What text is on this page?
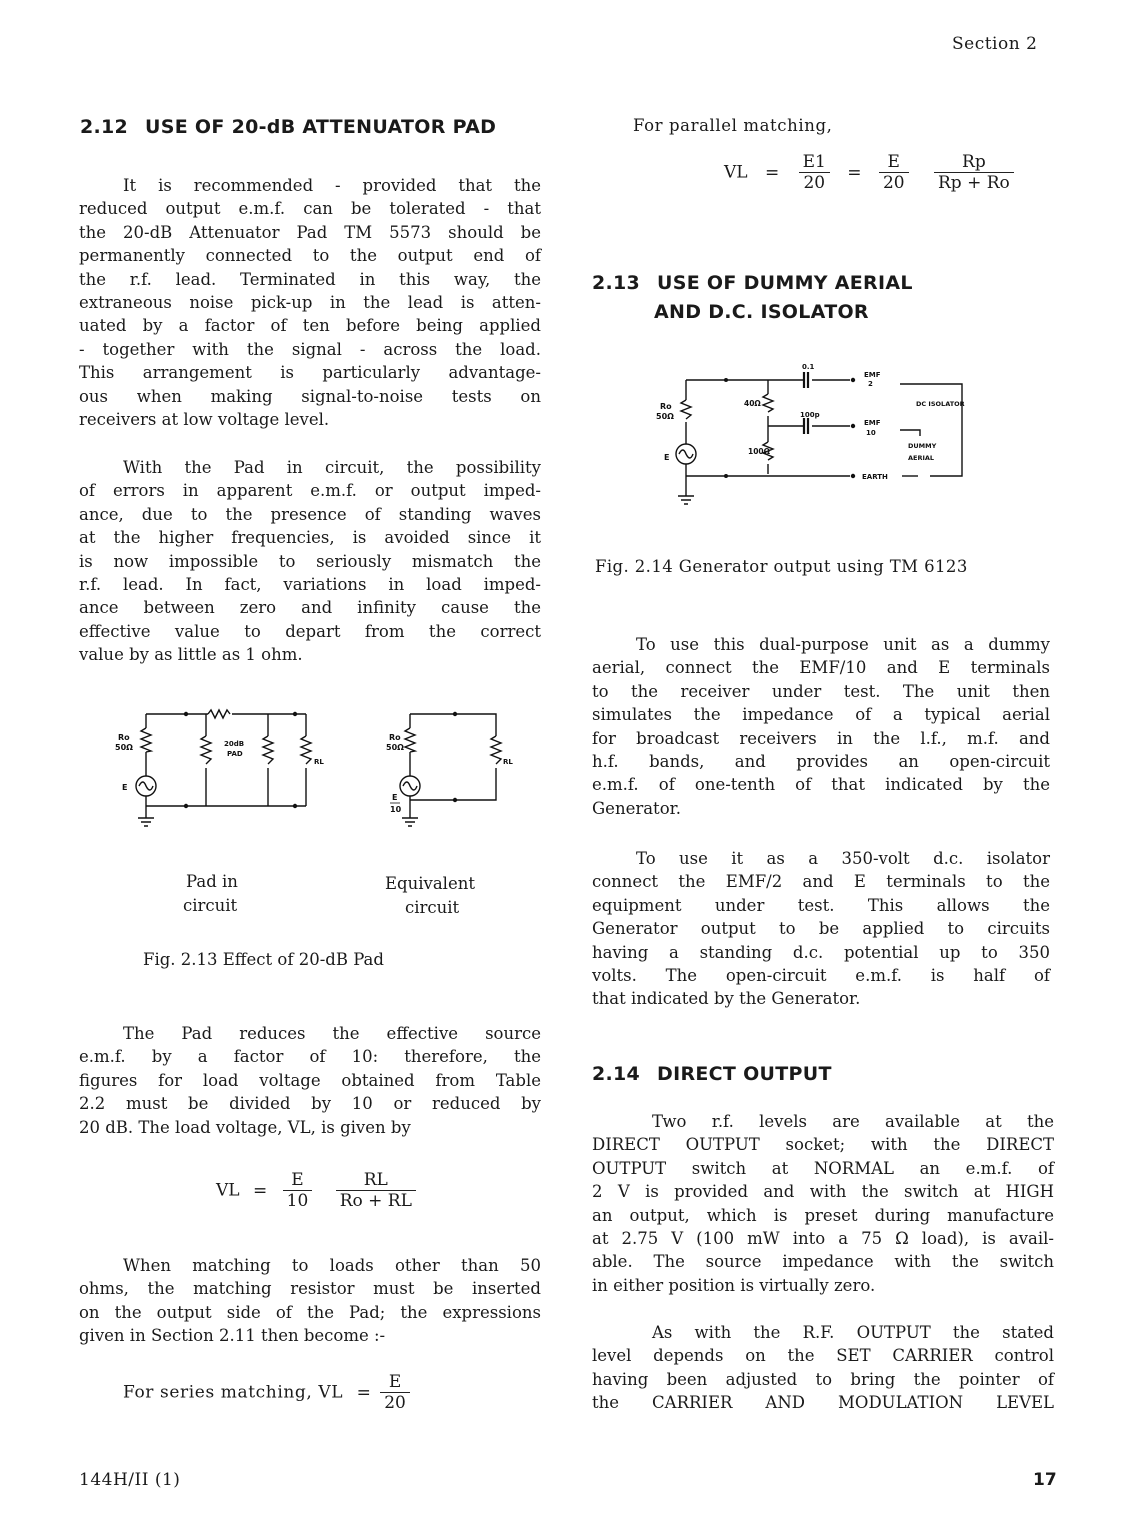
Section 2
2.12 USE OF 20-dB ATTENUATOR PAD
It is recommended - provided that the
reduced output e.m.f. can be tolerated - that
the 20-dB Attenuator Pad TM 5573 should be
permanently connected to the output end of
the r.f. lead. Terminated in this way, the
extraneous noise pick-up in the lead is atten-
uated by a factor of ten before being applied
- together with the signal - across the load.
This arrangement is particularly advantage-
ous when making signal-to-noise tests on
receivers at low voltage level.
With the Pad in circuit, the possibility
of errors in apparent e.m.f. or output imped-
ance, due to the presence of standing waves
at the higher frequencies, is avoided since it
is now impossible to seriously mismatch the
r.f. lead. In fact, variations in load imped-
ance between zero and infinity cause the
effective value to depart from the correct
value by as little as 1 ohm.
Ro
50Ω
E
20dB
PAD
RL
Ro
50Ω
E
10
RL
Pad in
circuit
Equivalent
circuit
Fig. 2.13 Effect of 20-dB Pad
The Pad reduces the effective source
e.m.f. by a factor of 10: therefore, the
figures for load voltage obtained from Table
2.2 must be divided by 10 or reduced by
20 dB. The load voltage, VL, is given by
VL = $\frac{E}{10}$
$\frac{RL}{Ro + RL}$
When matching to loads other than 50
ohms, the matching resistor must be inserted
on the output side of the Pad; the expressions
given in Section 2.11 then become :-
For series matching, VL = $\frac{E}{20}$
For parallel matching,
VL = $\frac{E1}{20} = \frac{E}{20}$
$\frac{Rp}{Rp + Ro}$
2.13 USE OF DUMMY AERIAL
AND D.C. ISOLATOR
0.1
EMF
2
DC ISOLATOR
Ro
50Ω
40Ω
100p
EMF
10
100Ω
DUMMY
AERIAL
E
EARTH
Fig. 2.14 Generator output using TM 6123
To use this dual-purpose unit as a dummy
aerial, connect the EMF/10 and E terminals
to the receiver under test. The unit then
simulates the impedance of a typical aerial
for broadcast receivers in the l.f., m.f. and
h.f. bands, and provides an open-circuit
e.m.f. of one-tenth of that indicated by the
Generator.
To use it as a 350-volt d.c. isolator
connect the EMF/2 and E terminals to the
equipment under test. This allows the
Generator output to be applied to circuits
having a standing d.c. potential up to 350
volts. The open-circuit e.m.f. is half of
that indicated by the Generator.
2.14 DIRECT OUTPUT
Two r.f. levels are available at the
DIRECT OUTPUT socket; with the DIRECT
OUTPUT switch at NORMAL an e.m.f. of
2 V is provided and with the switch at HIGH
an output, which is preset during manufacture
at 2.75 V (100 mW into a 75 Ω load), is avail-
able. The source impedance with the switch
in either position is virtually zero.
As with the R.F. OUTPUT the stated
level depends on the SET CARRIER control
having been adjusted to bring the pointer of
the CARRIER AND MODULATION LEVEL
144H/II (1)	17
